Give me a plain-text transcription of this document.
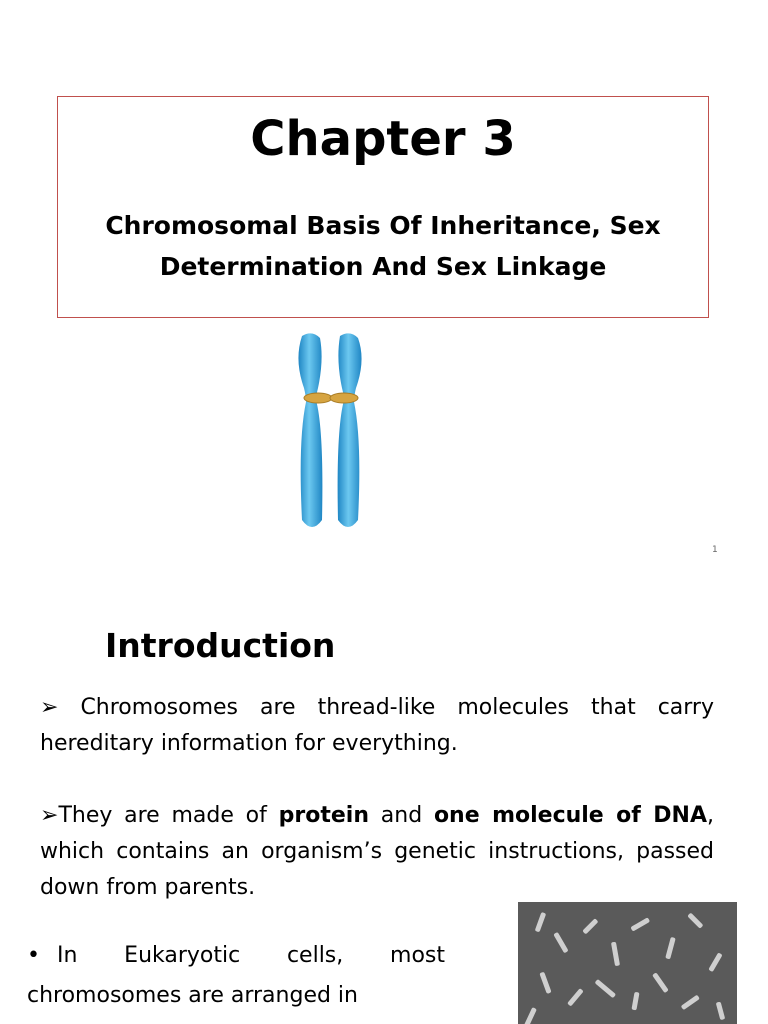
Chapter 3
Chromosomal Basis Of Inheritance, Sex
Determination And Sex Linkage
1
Introduction
➢ Chromosomes are thread-like molecules that carry hereditary information for everything.
➢They are made of protein and one molecule of DNA, which contains an organism’s genetic instructions, passed down from parents.
• In Eukaryotic cells, most chromosomes are arranged in
